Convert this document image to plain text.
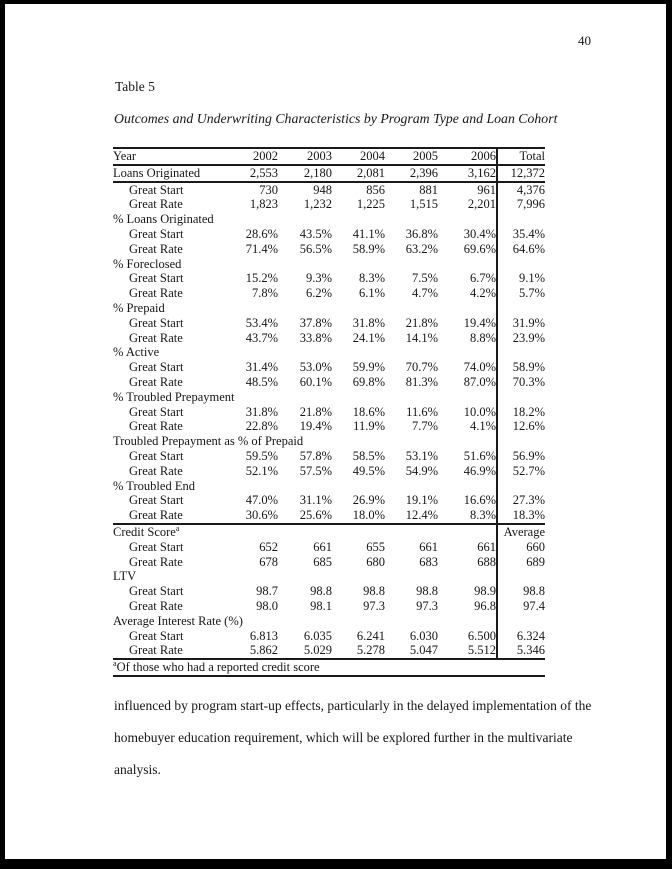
40
Table 5
Outcomes and Underwriting Characteristics by Program Type and Loan Cohort
Year	2002	2003	2004	2005	2006	Total
Loans Originated	2,553	2,180	2,081	2,396	3,162	12,372
Great Start	730	948	856	881	961	4,376
Great Rate	1,823	1,232	1,225	1,515	2,201	7,996
% Loans Originated						
Great Start	28.6%	43.5%	41.1%	36.8%	30.4%	35.4%
Great Rate	71.4%	56.5%	58.9%	63.2%	69.6%	64.6%
% Foreclosed						
Great Start	15.2%	9.3%	8.3%	7.5%	6.7%	9.1%
Great Rate	7.8%	6.2%	6.1%	4.7%	4.2%	5.7%
% Prepaid						
Great Start	53.4%	37.8%	31.8%	21.8%	19.4%	31.9%
Great Rate	43.7%	33.8%	24.1%	14.1%	8.8%	23.9%
% Active						
Great Start	31.4%	53.0%	59.9%	70.7%	74.0%	58.9%
Great Rate	48.5%	60.1%	69.8%	81.3%	87.0%	70.3%
% Troubled Prepayment						
Great Start	31.8%	21.8%	18.6%	11.6%	10.0%	18.2%
Great Rate	22.8%	19.4%	11.9%	7.7%	4.1%	12.6%
Troubled Prepayment as % of Prepaid						
Great Start	59.5%	57.8%	58.5%	53.1%	51.6%	56.9%
Great Rate	52.1%	57.5%	49.5%	54.9%	46.9%	52.7%
% Troubled End						
Great Start	47.0%	31.1%	26.9%	19.1%	16.6%	27.3%
Great Rate	30.6%	25.6%	18.0%	12.4%	8.3%	18.3%
Credit Score$^a$						Average
Great Start	652	661	655	661	661	660
Great Rate	678	685	680	683	688	689
LTV						
Great Start	98.7	98.8	98.8	98.8	98.9	98.8
Great Rate	98.0	98.1	97.3	97.3	96.8	97.4
Average Interest Rate (%)						
Great Start	6.813	6.035	6.241	6.030	6.500	6.324
Great Rate	5.862	5.029	5.278	5.047	5.512	5.346
$^a$Of those who had a reported credit score						
influenced by program start-up effects, particularly in the delayed implementation of the
homebuyer education requirement, which will be explored further in the multivariate
analysis.
